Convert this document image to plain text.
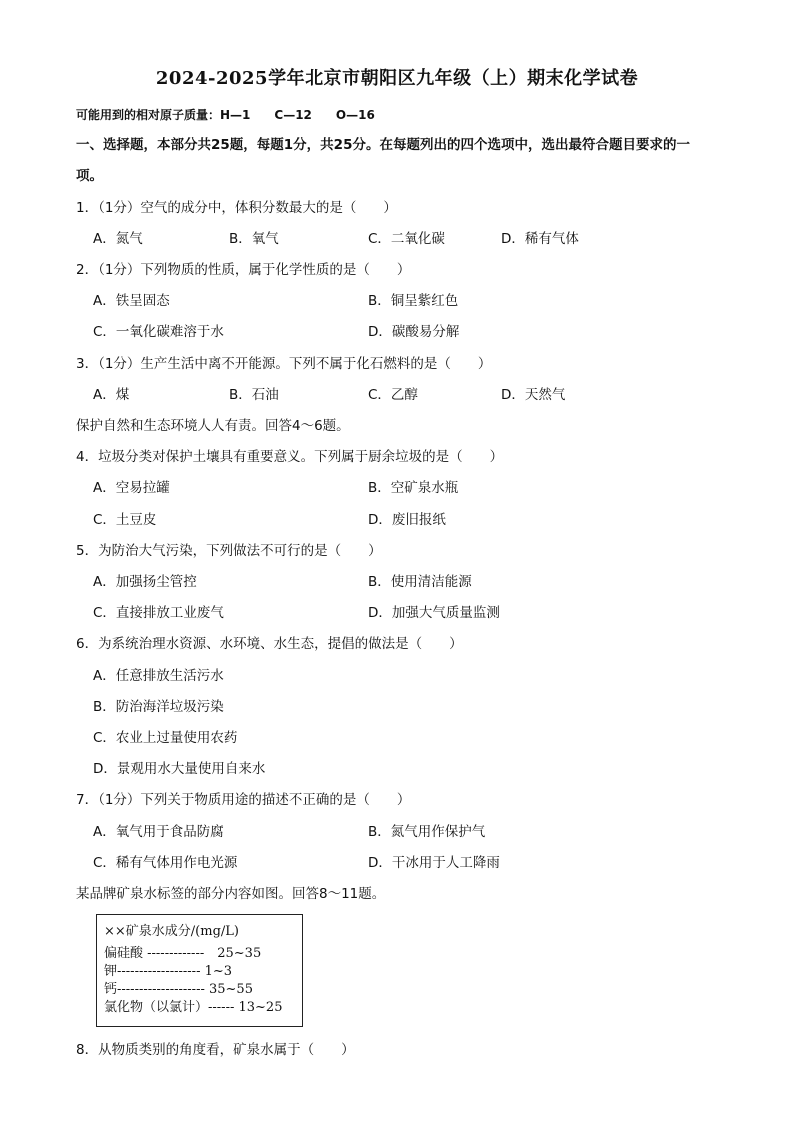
2024-2025学年北京市朝阳区九年级（上）期末化学试卷
可能用到的相对原子质量：H—1　　C—12　　O—16
一、选择题，本部分共25题，每题1分，共25分。在每题列出的四个选项中，选出最符合题目要求的一
项。
1．（1分）空气的成分中，体积分数最大的是（　　）
A．氮气	B．氧气	C．二氧化碳	D．稀有气体
2．（1分）下列物质的性质，属于化学性质的是（　　）
A．铁呈固态	B．铜呈紫红色
C．一氧化碳难溶于水	D．碳酸易分解
3．（1分）生产生活中离不开能源。下列不属于化石燃料的是（　　）
A．煤	B．石油	C．乙醇	D．天然气
保护自然和生态环境人人有责。回答4～6题。
4．垃圾分类对保护土壤具有重要意义。下列属于厨余垃圾的是（　　）
A．空易拉罐	B．空矿泉水瓶
C．土豆皮	D．废旧报纸
5．为防治大气污染，下列做法不可行的是（　　）
A．加强扬尘管控	B．使用清洁能源
C．直接排放工业废气	D．加强大气质量监测
6．为系统治理水资源、水环境、水生态，提倡的做法是（　　）
A．任意排放生活污水
B．防治海洋垃圾污染
C．农业上过量使用农药
D．景观用水大量使用自来水
7．（1分）下列关于物质用途的描述不正确的是（　　）
A．氧气用于食品防腐	B．氮气用作保护气
C．稀有气体用作电光源	D．干冰用于人工降雨
某品牌矿泉水标签的部分内容如图。回答8～11题。
××矿泉水成分/(mg/L)
偏硅酸 -------------　25~35
钾------------------- 1~3
钙-------------------- 35~55
氯化物（以氯计）------ 13~25
8．从物质类别的角度看，矿泉水属于（　　）
